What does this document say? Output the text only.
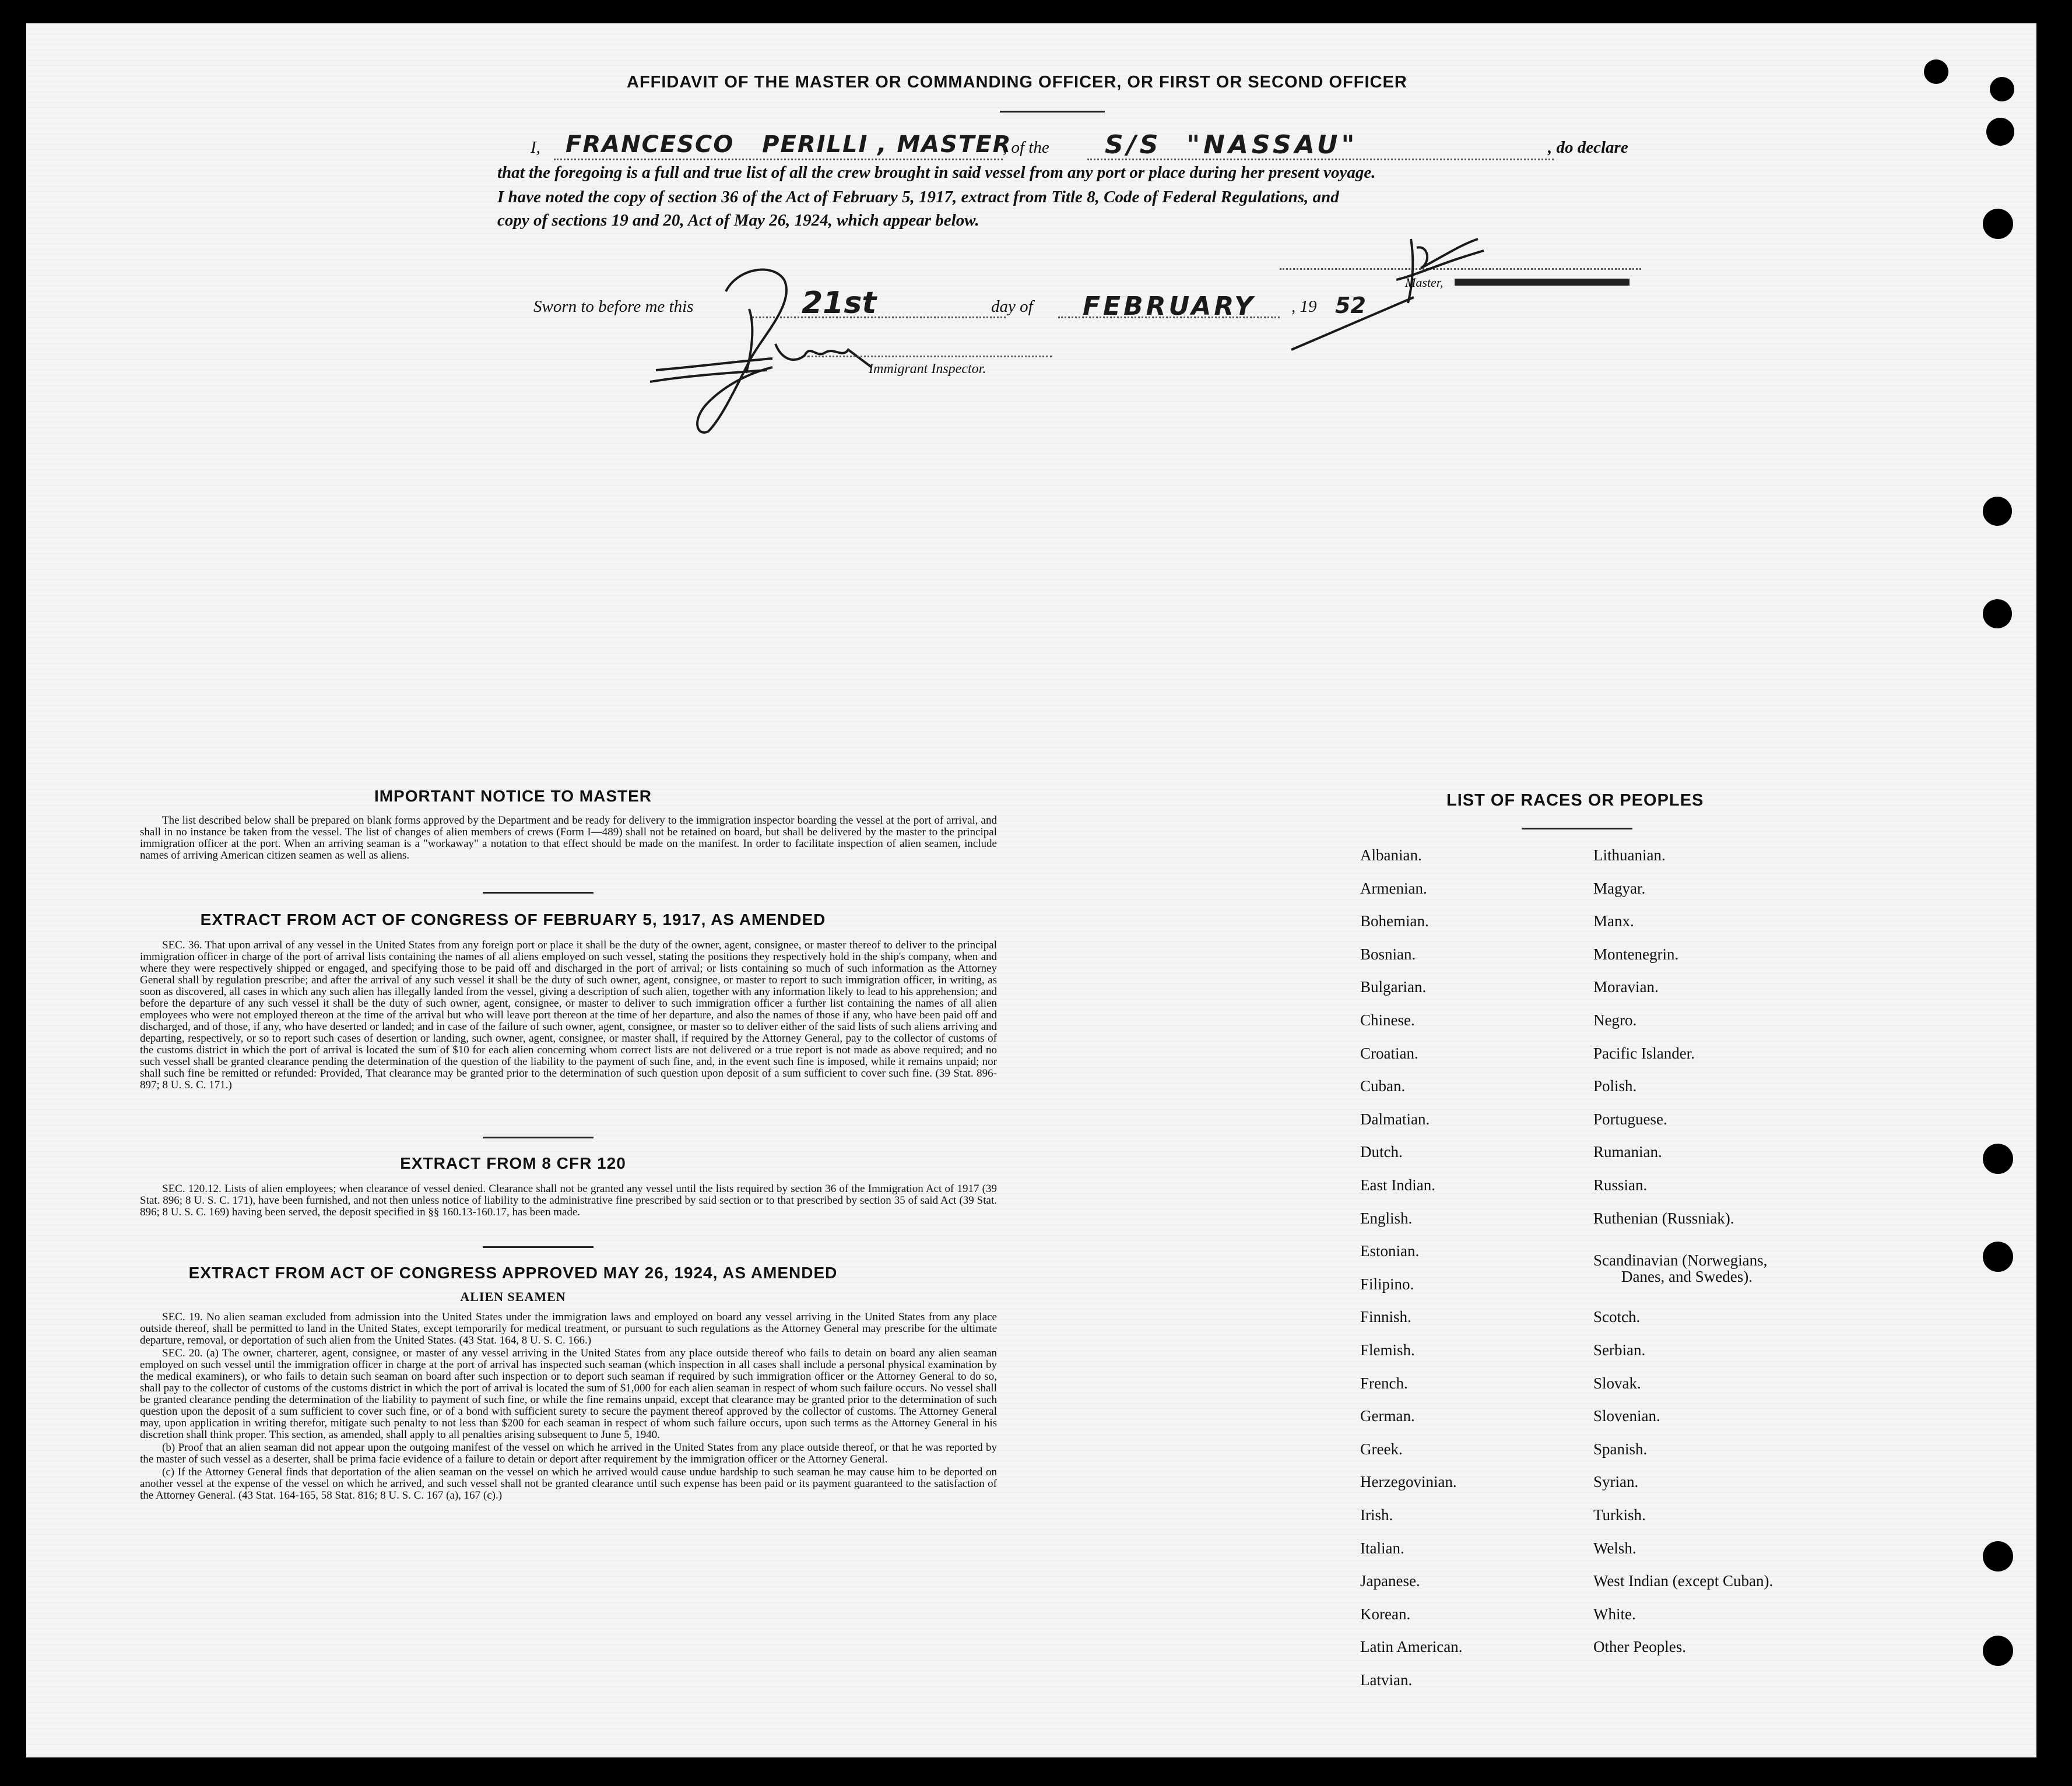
AFFIDAVIT OF THE MASTER OR COMMANDING OFFICER, OR FIRST OR SECOND OFFICER
I, FRANCESCO   PERILLI , MASTER
, of the S/S  "NASSAU"	, do declare
that the foregoing is a full and true list of all the crew brought in said vessel from any port or place during her present voyage.
I have noted the copy of section 36 of the Act of February 5, 1917, extract from Title 8, Code of Federal Regulations, and
copy of sections 19 and 20, Act of May 26, 1924, which appear below.
Master,
Sworn to before me this	21st	day of FEBRUARY , 19 52
Immigrant Inspector.
IMPORTANT NOTICE TO MASTER

The list described below shall be prepared on blank forms approved by the Department and be ready for delivery to the immigration inspector boarding the vessel at the port of arrival, and shall in no instance be taken from the vessel. The list of changes of alien members of crews (Form I—489) shall not be retained on board, but shall be delivered by the master to the principal immigration officer at the port. When an arriving seaman is a "workaway" a notation to that effect should be made on the manifest. In order to facilitate inspection of alien seamen, include names of arriving American citizen seamen as well as aliens.

EXTRACT FROM ACT OF CONGRESS OF FEBRUARY 5, 1917, AS AMENDED

SEC. 36. That upon arrival of any vessel in the United States from any foreign port or place it shall be the duty of the owner, agent, consignee, or master thereof to deliver to the principal immigration officer in charge of the port of arrival lists containing the names of all aliens employed on such vessel, stating the positions they respectively hold in the ship's company, when and where they were respectively shipped or engaged, and specifying those to be paid off and discharged in the port of arrival; or lists containing so much of such information as the Attorney General shall by regulation prescribe; and after the arrival of any such vessel it shall be the duty of such owner, agent, consignee, or master to report to such immigration officer, in writing, as soon as discovered, all cases in which any such alien has illegally landed from the vessel, giving a description of such alien, together with any information likely to lead to his apprehension; and before the departure of any such vessel it shall be the duty of such owner, agent, consignee, or master to deliver to such immigration officer a further list containing the names of all alien employees who were not employed thereon at the time of the arrival but who will leave port thereon at the time of her departure, and also the names of those if any, who have been paid off and discharged, and of those, if any, who have deserted or landed; and in case of the failure of such owner, agent, consignee, or master so to deliver either of the said lists of such aliens arriving and departing, respectively, or so to report such cases of desertion or landing, such owner, agent, consignee, or master shall, if required by the Attorney General, pay to the collector of customs of the customs district in which the port of arrival is located the sum of $10 for each alien concerning whom correct lists are not delivered or a true report is not made as above required; and no such vessel shall be granted clearance pending the determination of the question of the liability to the payment of such fine, and, in the event such fine is imposed, while it remains unpaid; nor shall such fine be remitted or refunded: Provided, That clearance may be granted prior to the determination of such question upon deposit of a sum sufficient to cover such fine. (39 Stat. 896-897; 8 U. S. C. 171.)

EXTRACT FROM 8 CFR 120

SEC. 120.12. Lists of alien employees; when clearance of vessel denied. Clearance shall not be granted any vessel until the lists required by section 36 of the Immigration Act of 1917 (39 Stat. 896; 8 U. S. C. 171), have been furnished, and not then unless notice of liability to the administrative fine prescribed by said section or to that prescribed by section 35 of said Act (39 Stat. 896; 8 U. S. C. 169) having been served, the deposit specified in §§ 160.13-160.17, has been made.

EXTRACT FROM ACT OF CONGRESS APPROVED MAY 26, 1924, AS AMENDED
ALIEN SEAMEN

SEC. 19. No alien seaman excluded from admission into the United States under the immigration laws and employed on board any vessel arriving in the United States from any place outside thereof, shall be permitted to land in the United States, except temporarily for medical treatment, or pursuant to such regulations as the Attorney General may prescribe for the ultimate departure, removal, or deportation of such alien from the United States. (43 Stat. 164, 8 U. S. C. 166.)

SEC. 20. (a) The owner, charterer, agent, consignee, or master of any vessel arriving in the United States from any place outside thereof who fails to detain on board any alien seaman employed on such vessel until the immigration officer in charge at the port of arrival has inspected such seaman (which inspection in all cases shall include a personal physical examination by the medical examiners), or who fails to detain such seaman on board after such inspection or to deport such seaman if required by such immigration officer or the Attorney General to do so, shall pay to the collector of customs of the customs district in which the port of arrival is located the sum of $1,000 for each alien seaman in respect of whom such failure occurs. No vessel shall be granted clearance pending the determination of the liability to payment of such fine, or while the fine remains unpaid, except that clearance may be granted prior to the determination of such question upon the deposit of a sum sufficient to cover such fine, or of a bond with sufficient surety to secure the payment thereof approved by the collector of customs. The Attorney General may, upon application in writing therefor, mitigate such penalty to not less than $200 for each seaman in respect of whom such failure occurs, upon such terms as the Attorney General in his discretion shall think proper. This section, as amended, shall apply to all penalties arising subsequent to June 5, 1940.

(b) Proof that an alien seaman did not appear upon the outgoing manifest of the vessel on which he arrived in the United States from any place outside thereof, or that he was reported by the master of such vessel as a deserter, shall be prima facie evidence of a failure to detain or deport after requirement by the immigration officer or the Attorney General.

(c) If the Attorney General finds that deportation of the alien seaman on the vessel on which he arrived would cause undue hardship to such seaman he may cause him to be deported on another vessel at the expense of the vessel on which he arrived, and such vessel shall not be granted clearance until such expense has been paid or its payment guaranteed to the satisfaction of the Attorney General. (43 Stat. 164-165, 58 Stat. 816; 8 U. S. C. 167 (a), 167 (c).)

LIST OF RACES OR PEOPLES
Albanian.
Armenian.
Bohemian.
Bosnian.
Bulgarian.
Chinese.
Croatian.
Cuban.
Dalmatian.
Dutch.
East Indian.
English.
Estonian.
Filipino.
Finnish.
Flemish.
French.
German.
Greek.
Herzegovinian.
Irish.
Italian.
Japanese.
Korean.
Latin American.
Latvian.
Lithuanian.
Magyar.
Manx.
Montenegrin.
Moravian.
Negro.
Pacific Islander.
Polish.
Portuguese.
Rumanian.
Russian.
Ruthenian (Russniak).
Scandinavian (Norwegians,
Danes, and Swedes).
Scotch.
Serbian.
Slovak.
Slovenian.
Spanish.
Syrian.
Turkish.
Welsh.
West Indian (except Cuban).
White.
Other Peoples.
